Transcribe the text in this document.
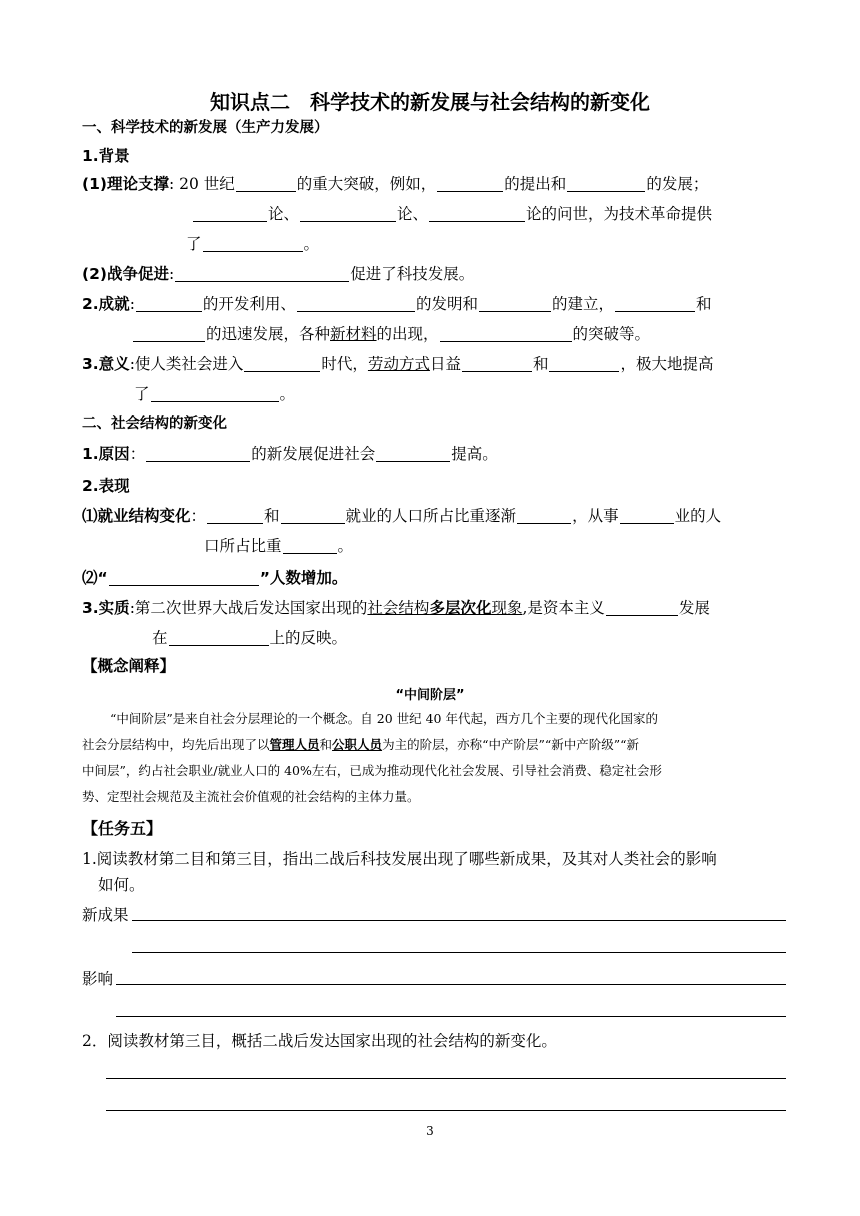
知识点二　科学技术的新发展与社会结构的新变化
一、科学技术的新发展（生产力发展）
1.背景
(1)理论支撑: 20 世纪	的重大突破，例如，	的提出和	的发展；
论、	论、	论的问世，为技术革命提供
了	。
(2)战争促进:	促进了科技发展。
2.成就:	的开发利用、	的发明和	的建立，	和
的迅速发展，各种新材料的出现，	的突破等。
3.意义:使人类社会进入	时代，劳动方式日益	和	，极大地提高
了	。
二、社会结构的新变化
1.原因：	的新发展促进社会	提高。
2.表现
⑴就业结构变化：	和	就业的人口所占比重逐渐	，从事	业的人
口所占比重	。
⑵“	”人数增加。
3.实质:第二次世界大战后发达国家出现的社会结构多层次化现象,是资本主义	发展
在	上的反映。
【概念阐释】
“中间阶层”
“中间阶层”是来自社会分层理论的一个概念。自 20 世纪 40 年代起，西方几个主要的现代化国家的
社会分层结构中，均先后出现了以管理人员和公职人员为主的阶层，亦称“中产阶层”“新中产阶级”“新
中间层”，约占社会职业/就业人口的 40%左右，已成为推动现代化社会发展、引导社会消费、稳定社会形
势、定型社会规范及主流社会价值观的社会结构的主体力量。
【任务五】
1.阅读教材第二目和第三目，指出二战后科技发展出现了哪些新成果，及其对人类社会的影响
如何。
新成果
影响
2．阅读教材第三目，概括二战后发达国家出现的社会结构的新变化。
3
